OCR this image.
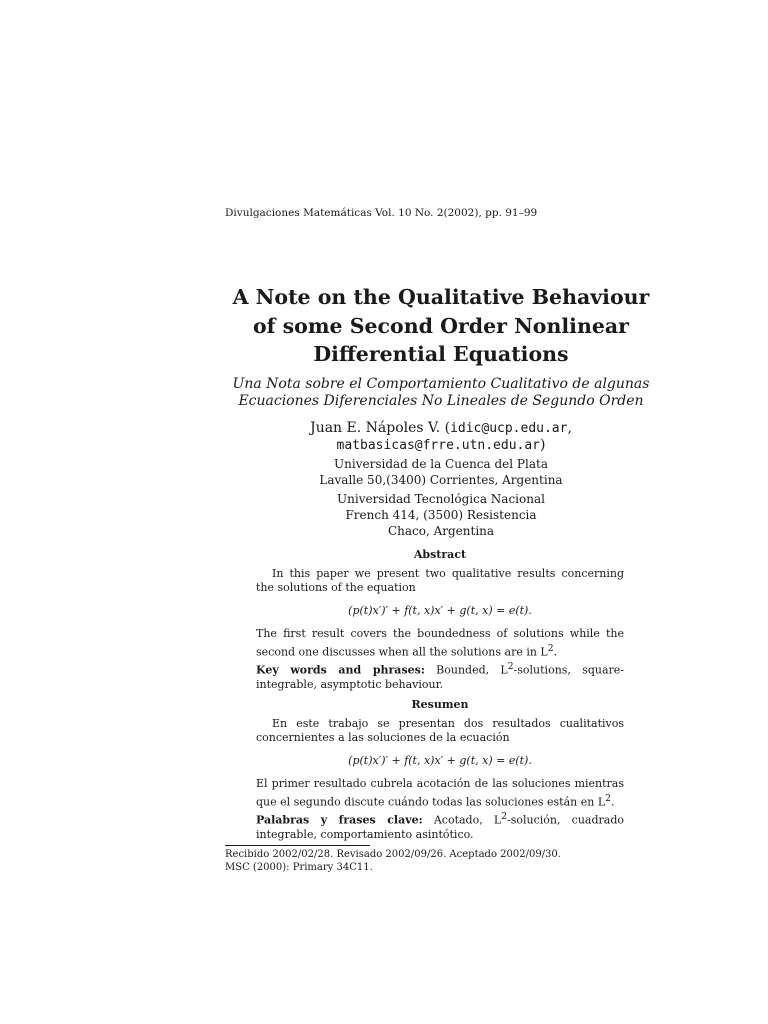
Divulgaciones Matemáticas Vol. 10 No. 2(2002), pp. 91–99
A Note on the Qualitative Behaviour
of some Second Order Nonlinear
Differential Equations
Una Nota sobre el Comportamiento Cualitativo de algunas
Ecuaciones Diferenciales No Lineales de Segundo Orden
Juan E. Nápoles V. (idic@ucp.edu.ar,
matbasicas@frre.utn.edu.ar)
Universidad de la Cuenca del Plata
Lavalle 50,(3400) Corrientes, Argentina
Universidad Tecnológica Nacional
French 414, (3500) Resistencia
Chaco, Argentina
Abstract

In this paper we present two qualitative results concerning the solutions of the equation

(p(t)x′)′ + f(t, x)x′ + g(t, x) = e(t).

The first result covers the boundedness of solutions while the second one discusses when all the solutions are in $L^2$.

Key words and phrases: Bounded, $L^2$-solutions, square-integrable, asymptotic behaviour.

Resumen

En este trabajo se presentan dos resultados cualitativos concernientes a las soluciones de la ecuación

(p(t)x′)′ + f(t, x)x′ + g(t, x) = e(t).

El primer resultado cubrela acotación de las soluciones mientras que el segundo discute cuándo todas las soluciones están en $L^2$.

Palabras y frases clave: Acotado, $L^2$-solución, cuadrado integrable, comportamiento asintótico.

Recibido 2002/02/28. Revisado 2002/09/26. Aceptado 2002/09/30.
MSC (2000): Primary 34C11.
